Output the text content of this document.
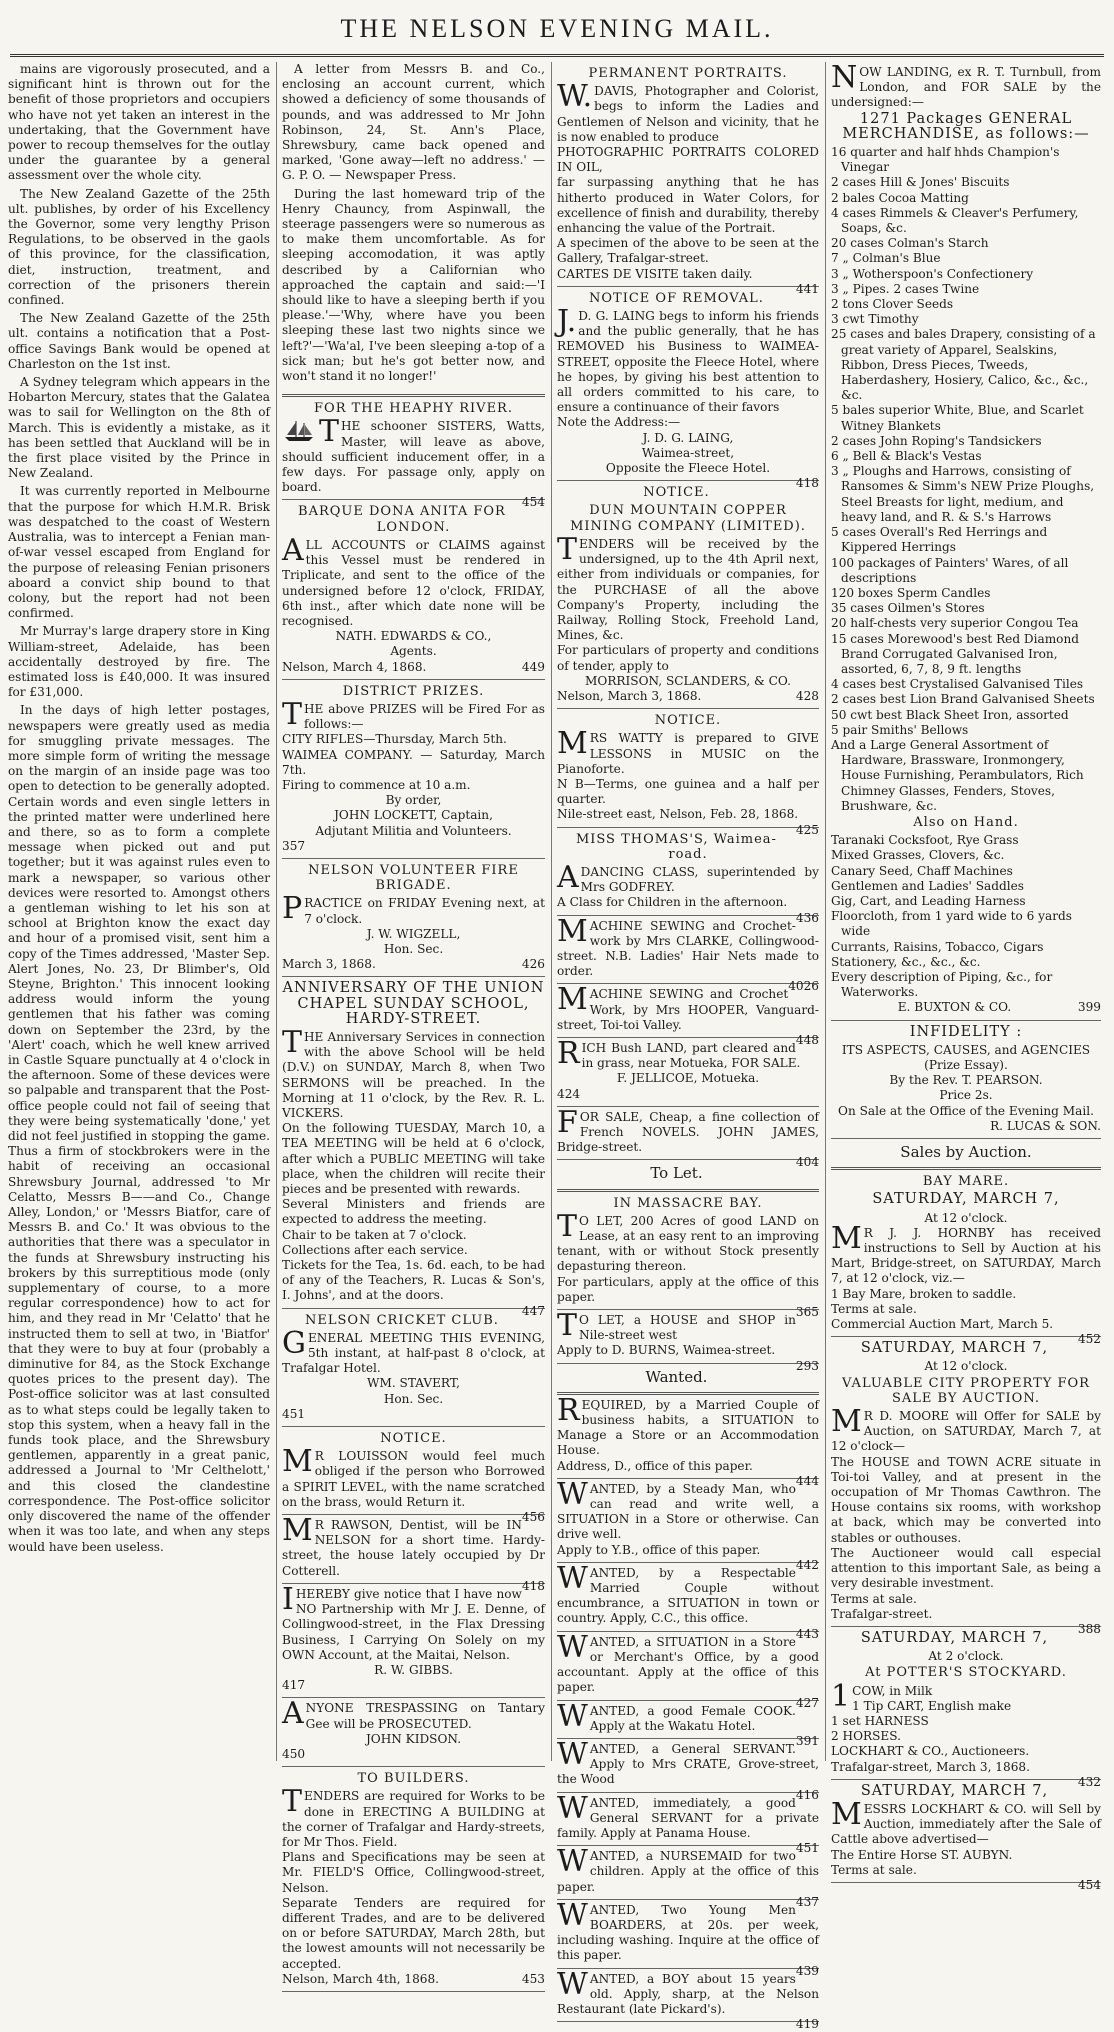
THE NELSON EVENING MAIL.

mains are vigorously prosecuted, and a significant hint is thrown out for the benefit of those proprietors and occupiers who have not yet taken an interest in the undertaking, that the Government have power to recoup themselves for the outlay under the guarantee by a general assessment over the whole city.

The New Zealand Gazette of the 25th ult. publishes, by order of his Excellency the Governor, some very lengthy Prison Regulations, to be observed in the gaols of this province, for the classification, diet, instruction, treatment, and correction of the prisoners therein confined.

The New Zealand Gazette of the 25th ult. contains a notification that a Post-office Savings Bank would be opened at Charleston on the 1st inst.

A Sydney telegram which appears in the Hobarton Mercury, states that the Galatea was to sail for Wellington on the 8th of March. This is evidently a mistake, as it has been settled that Auckland will be in the first place visited by the Prince in New Zealand.

It was currently reported in Melbourne that the purpose for which H.M.R. Brisk was despatched to the coast of Western Australia, was to intercept a Fenian man-of-war vessel escaped from England for the purpose of releasing Fenian prisoners aboard a convict ship bound to that colony, but the report had not been confirmed.

Mr Murray's large drapery store in King William-street, Adelaide, has been accidentally destroyed by fire. The estimated loss is £40,000. It was insured for £31,000.

In the days of high letter postages, newspapers were greatly used as media for smuggling private messages. The more simple form of writing the message on the margin of an inside page was too open to detection to be generally adopted. Certain words and even single letters in the printed matter were underlined here and there, so as to form a complete message when picked out and put together; but it was against rules even to mark a newspaper, so various other devices were resorted to. Amongst others a gentleman wishing to let his son at school at Brighton know the exact day and hour of a promised visit, sent him a copy of the Times addressed, 'Master Sep. Alert Jones, No. 23, Dr Blimber's, Old Steyne, Brighton.' This innocent looking address would inform the young gentlemen that his father was coming down on September the 23rd, by the 'Alert' coach, which he well knew arrived in Castle Square punctually at 4 o'clock in the afternoon. Some of these devices were so palpable and transparent that the Post-office people could not fail of seeing that they were being systematically 'done,' yet did not feel justified in stopping the game. Thus a firm of stockbrokers were in the habit of receiving an occasional Shrewsbury Journal, addressed 'to Mr Celatto, Messrs B——and Co., Change Alley, London,' or 'Messrs Biatfor, care of Messrs B. and Co.' It was obvious to the authorities that there was a speculator in the funds at Shrewsbury instructing his brokers by this surreptitious mode (only supplementary of course, to a more regular correspondence) how to act for him, and they read in Mr 'Celatto' that he instructed them to sell at two, in 'Biatfor' that they were to buy at four (probably a diminutive for 84, as the Stock Exchange quotes prices to the present day). The Post-office solicitor was at last consulted as to what steps could be legally taken to stop this system, when a heavy fall in the funds took place, and the Shrewsbury gentlemen, apparently in a great panic, addressed a Journal to 'Mr Celthelott,' and this closed the clandestine correspondence. The Post-office solicitor only discovered the name of the offender when it was too late, and when any steps would have been useless.

A letter from Messrs B. and Co., enclosing an account current, which showed a deficiency of some thousands of pounds, and was addressed to Mr John Robinson, 24, St. Ann's Place, Shrewsbury, came back opened and marked, 'Gone away—left no address.' — G. P. O. — Newspaper Press.

During the last homeward trip of the Henry Chauncy, from Aspinwall, the steerage passengers were so numerous as to make them uncomfortable. As for sleeping accomodation, it was aptly described by a Californian who approached the captain and said:—'I should like to have a sleeping berth if you please.'—'Why, where have you been sleeping these last two nights since we left?'—'Wa'al, I've been sleeping a-top of a sick man; but he's got better now, and won't stand it no longer!'

FOR THE HEAPHY RIVER.
THE schooner SISTERS, Watts, Master, will leave as above, should sufficient inducement offer, in a few days. For passage only, apply on board.
454
BARQUE DONA ANITA FOR LONDON.
ALL ACCOUNTS or CLAIMS against this Vessel must be rendered in Triplicate, and sent to the office of the undersigned before 12 o'clock, FRIDAY, 6th inst., after which date none will be recognised.
NATH. EDWARDS & CO.,
Agents.
Nelson, March 4, 1868.	449
DISTRICT PRIZES.
THE above PRIZES will be Fired For as follows:—
CITY RIFLES—Thursday, March 5th.
WAIMEA COMPANY. — Saturday, March 7th.
Firing to commence at 10 a.m.
By order,
JOHN LOCKETT, Captain,
Adjutant Militia and Volunteers.
357
NELSON VOLUNTEER FIRE BRIGADE.
PRACTICE on FRIDAY Evening next, at 7 o'clock.
J. W. WIGZELL,
Hon. Sec.
March 3, 1868.	426
ANNIVERSARY OF THE UNION CHAPEL SUNDAY SCHOOL, HARDY-STREET.
THE Anniversary Services in connection with the above School will be held (D.V.) on SUNDAY, March 8, when Two SERMONS will be preached. In the Morning at 11 o'clock, by the Rev. R. L. VICKERS.
On the following TUESDAY, March 10, a TEA MEETING will be held at 6 o'clock, after which a PUBLIC MEETING will take place, when the children will recite their pieces and be presented with rewards.
Several Ministers and friends are expected to address the meeting.
Chair to be taken at 7 o'clock.
Collections after each service.
Tickets for the Tea, 1s. 6d. each, to be had of any of the Teachers, R. Lucas & Son's, I. Johns', and at the doors.
447
NELSON CRICKET CLUB.
GENERAL MEETING THIS EVENING, 5th instant, at half-past 8 o'clock, at Trafalgar Hotel.
WM. STAVERT,
Hon. Sec.
451
NOTICE.
MR LOUISSON would feel much obliged if the person who Borrowed a SPIRIT LEVEL, with the name scratched on the brass, would Return it.
456
MR RAWSON, Dentist, will be IN NELSON for a short time. Hardy-street, the house lately occupied by Dr Cotterell.
418
IHEREBY give notice that I have now NO Partnership with Mr J. E. Denne, of Collingwood-street, in the Flax Dressing Business, I Carrying On Solely on my OWN Account, at the Maitai, Nelson.
R. W. GIBBS.
417
ANYONE TRESPASSING on Tantary Gee will be PROSECUTED.
JOHN KIDSON.
450
TO BUILDERS.
TENDERS are required for Works to be done in ERECTING A BUILDING at the corner of Trafalgar and Hardy-streets, for Mr Thos. Field.
Plans and Specifications may be seen at Mr. FIELD'S Office, Collingwood-street, Nelson.
Separate Tenders are required for different Trades, and are to be delivered on or before SATURDAY, March 28th, but the lowest amounts will not necessarily be accepted.
Nelson, March 4th, 1868.	453
PERMANENT PORTRAITS.
W.DAVIS, Photographer and Colorist, begs to inform the Ladies and Gentlemen of Nelson and vicinity, that he is now enabled to produce
PHOTOGRAPHIC PORTRAITS COLORED IN OIL,
far surpassing anything that he has hitherto produced in Water Colors, for excellence of finish and durability, thereby enhancing the value of the Portrait.
A specimen of the above to be seen at the Gallery, Trafalgar-street.
CARTES DE VISITE taken daily.
441
NOTICE OF REMOVAL.
J.D. G. LAING begs to inform his friends and the public generally, that he has REMOVED his Business to WAIMEA-STREET, opposite the Fleece Hotel, where he hopes, by giving his best attention to all orders committed to his care, to ensure a continuance of their favors
Note the Address:—
J. D. G. LAING,
Waimea-street,
Opposite the Fleece Hotel.
418
NOTICE.
DUN MOUNTAIN COPPER MINING COMPANY (LIMITED).
TENDERS will be received by the undersigned, up to the 4th April next, either from individuals or companies, for the PURCHASE of all the above Company's Property, including the Railway, Rolling Stock, Freehold Land, Mines, &c.
For particulars of property and conditions of tender, apply to
MORRISON, SCLANDERS, & CO.
Nelson, March 3, 1868.	428
NOTICE.
MRS WATTY is prepared to GIVE LESSONS in MUSIC on the Pianoforte.
N B—Terms, one guinea and a half per quarter.
Nile-street east, Nelson, Feb. 28, 1868.
425
MISS THOMAS'S, Waimea-road.
ADANCING CLASS, superintended by Mrs GODFREY.
A Class for Children in the afternoon.
436
MACHINE SEWING and Crochet-work by Mrs CLARKE, Collingwood-street. N.B. Ladies' Hair Nets made to order.
4026
MACHINE SEWING and Crochet Work, by Mrs HOOPER, Vanguard-street, Toi-toi Valley.
448
RICH Bush LAND, part cleared and in grass, near Motueka, FOR SALE.
F. JELLICOE, Motueka.
424
FOR SALE, Cheap, a fine collection of French NOVELS. JOHN JAMES, Bridge-street.
404
To Let.
IN MASSACRE BAY.
TO LET, 200 Acres of good LAND on Lease, at an easy rent to an improving tenant, with or without Stock presently depasturing thereon.
For particulars, apply at the office of this paper.
365
TO LET, a HOUSE and SHOP in Nile-street west
Apply to D. BURNS, Waimea-street.
293
Wanted.
REQUIRED, by a Married Couple of business habits, a SITUATION to Manage a Store or an Accommodation House.
Address, D., office of this paper.
444
WANTED, by a Steady Man, who can read and write well, a SITUATION in a Store or otherwise. Can drive well.
Apply to Y.B., office of this paper.
442
WANTED, by a Respectable Married Couple without encumbrance, a SITUATION in town or country. Apply, C.C., this office.
443
WANTED, a SITUATION in a Store or Merchant's Office, by a good accountant. Apply at the office of this paper.
427
WANTED, a good Female COOK. Apply at the Wakatu Hotel.
391
WANTED, a General SERVANT. Apply to Mrs CRATE, Grove-street, the Wood
416
WANTED, immediately, a good General SERVANT for a private family. Apply at Panama House.
451
WANTED, a NURSEMAID for two children. Apply at the office of this paper.
437
WANTED, Two Young Men BOARDERS, at 20s. per week, including washing. Inquire at the office of this paper.
439
WANTED, a BOY about 15 years old. Apply, sharp, at the Nelson Restaurant (late Pickard's).
419
NOW LANDING, ex R. T. Turnbull, from London, and FOR SALE by the undersigned:—
1271 Packages GENERAL MERCHANDISE, as follows:—
16 quarter and half hhds Champion's Vinegar
2 cases Hill & Jones' Biscuits
2 bales Cocoa Matting
4 cases Rimmels & Cleaver's Perfumery, Soaps, &c.
20 cases Colman's Starch
7 „ Colman's Blue
3 „ Wotherspoon's Confectionery
3 „ Pipes. 2 cases Twine
2 tons Clover Seeds
3 cwt Timothy
25 cases and bales Drapery, consisting of a great variety of Apparel, Sealskins, Ribbon, Dress Pieces, Tweeds, Haberdashery, Hosiery, Calico, &c., &c., &c.
5 bales superior White, Blue, and Scarlet Witney Blankets
2 cases John Roping's Tandsickers
6 „ Bell & Black's Vestas
3 „ Ploughs and Harrows, consisting of Ransomes & Simm's NEW Prize Ploughs, Steel Breasts for light, medium, and heavy land, and R. & S.'s Harrows
5 cases Overall's Red Herrings and Kippered Herrings
100 packages of Painters' Wares, of all descriptions
120 boxes Sperm Candles
35 cases Oilmen's Stores
20 half-chests very superior Congou Tea
15 cases Morewood's best Red Diamond Brand Corrugated Galvanised Iron, assorted, 6, 7, 8, 9 ft. lengths
4 cases best Crystalised Galvanised Tiles
2 cases best Lion Brand Galvanised Sheets
50 cwt best Black Sheet Iron, assorted
5 pair Smiths' Bellows
And a Large General Assortment of Hardware, Brassware, Ironmongery, House Furnishing, Perambulators, Rich Chimney Glasses, Fenders, Stoves, Brushware, &c.
Also on Hand.
Taranaki Cocksfoot, Rye Grass
Mixed Grasses, Clovers, &c.
Canary Seed, Chaff Machines
Gentlemen and Ladies' Saddles
Gig, Cart, and Leading Harness
Floorcloth, from 1 yard wide to 6 yards wide
Currants, Raisins, Tobacco, Cigars
Stationery, &c., &c., &c.
Every description of Piping, &c., for Waterworks.
E. BUXTON & CO.	399
INFIDELITY :
ITS ASPECTS, CAUSES, and AGENCIES (Prize Essay).
By the Rev. T. PEARSON.
Price 2s.
On Sale at the Office of the Evening Mail.
R. LUCAS & SON.
Sales by Auction.
BAY MARE.
SATURDAY, MARCH 7,
At 12 o'clock.
MR J. J. HORNBY has received instructions to Sell by Auction at his Mart, Bridge-street, on SATURDAY, March 7, at 12 o'clock, viz.—
1 Bay Mare, broken to saddle.
Terms at sale.
Commercial Auction Mart, March 5.
452
SATURDAY, MARCH 7,
At 12 o'clock.
VALUABLE CITY PROPERTY FOR SALE BY AUCTION.
MR D. MOORE will Offer for SALE by Auction, on SATURDAY, March 7, at 12 o'clock—
The HOUSE and TOWN ACRE situate in Toi-toi Valley, and at present in the occupation of Mr Thomas Cawthron. The House contains six rooms, with workshop at back, which may be converted into stables or outhouses.
The Auctioneer would call especial attention to this important Sale, as being a very desirable investment.
Terms at sale.
Trafalgar-street.
388
SATURDAY, MARCH 7,
At 2 o'clock.
At POTTER'S STOCKYARD.
1COW, in Milk
1 Tip CART, English make
1 set HARNESS
2 HORSES.
LOCKHART & CO., Auctioneers.
Trafalgar-street, March 3, 1868.
432
SATURDAY, MARCH 7,
MESSRS LOCKHART & CO. will Sell by Auction, immediately after the Sale of Cattle above advertised—
The Entire Horse ST. AUBYN.
Terms at sale.
454
